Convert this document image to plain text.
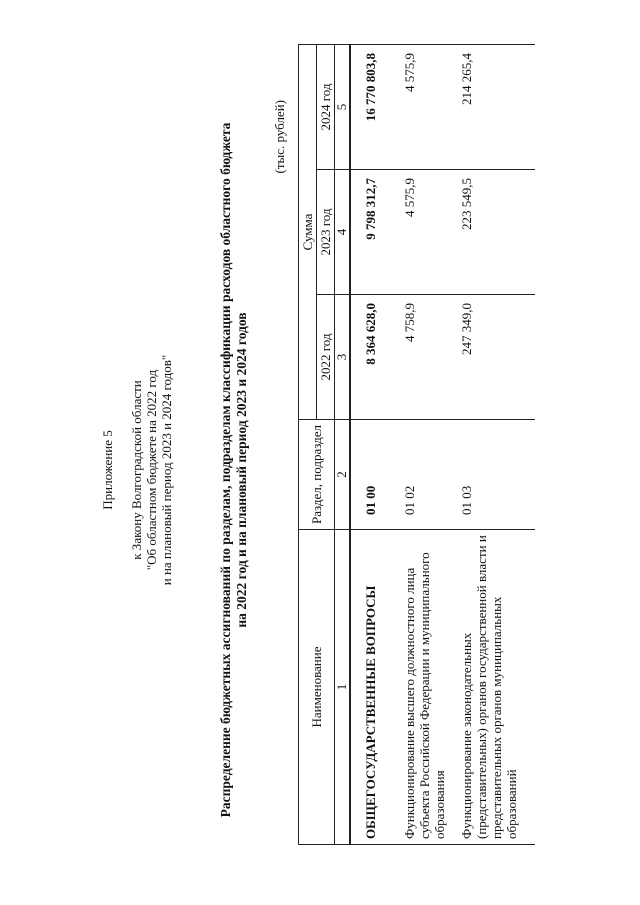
Приложение 5 к Закону Волгоградской области "Об областном бюджете на 2022 год и на плановый период 2023 и 2024 годов"	Распределение бюджетных ассигнований по разделам, подразделам классификации расходов областного бюджета на 2022 год и на плановый период 2023 и 2024 годов
(тыс. рублей)
Наименование	Раздел, подраздел	Сумма		
		2022 год	2023 год	2024 год
1	2	3	4	5
ОБЩЕГОСУДАРСТВЕННЫЕ ВОПРОСЫ	01 00	8 364 628,0	9 798 312,7	16 770 803,8
Функционирование высшего должностного лица субъекта Российской Федерации и муниципального образования	01 02	4 758,9	4 575,9	4 575,9
Функционирование законодательных (представительных) органов государственной власти и представительных органов муниципальных образований	01 03	247 349,0	223 549,5	214 265,4
